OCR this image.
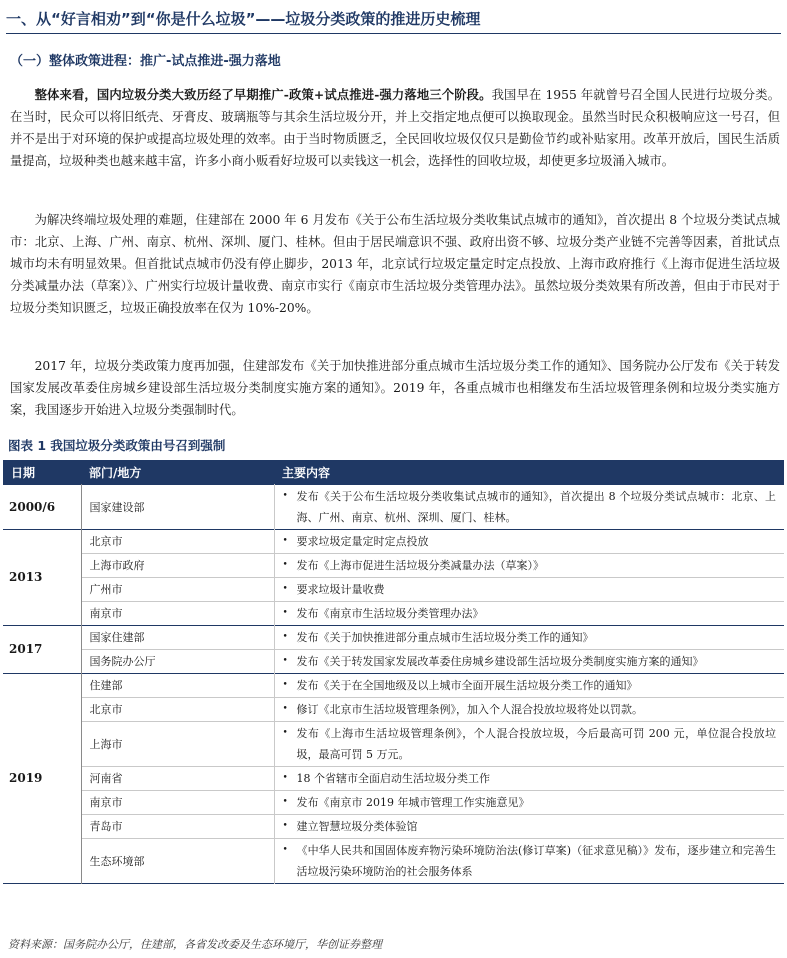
一、从“好言相劝”到“你是什么垃圾”——垃圾分类政策的推进历史梳理
（一）整体政策进程：推广-试点推进-强力落地

整体来看，国内垃圾分类大致历经了早期推广-政策+试点推进-强力落地三个阶段。我国早在 1955 年就曾号召全国人民进行垃圾分类。在当时，民众可以将旧纸壳、牙膏皮、玻璃瓶等与其余生活垃圾分开，并上交指定地点便可以换取现金。虽然当时民众积极响应这一号召，但并不是出于对环境的保护或提高垃圾处理的效率。由于当时物质匮乏，全民回收垃圾仅仅只是勤俭节约或补贴家用。改革开放后，国民生活质量提高，垃圾种类也越来越丰富，许多小商小贩看好垃圾可以卖钱这一机会，选择性的回收垃圾，却使更多垃圾涌入城市。

为解决终端垃圾处理的难题，住建部在 2000 年 6 月发布《关于公布生活垃圾分类收集试点城市的通知》，首次提出 8 个垃圾分类试点城市：北京、上海、广州、南京、杭州、深圳、厦门、桂林。但由于居民端意识不强、政府出资不够、垃圾分类产业链不完善等因素，首批试点城市均未有明显效果。但首批试点城市仍没有停止脚步，2013 年，北京试行垃圾定量定时定点投放、上海市政府推行《上海市促进生活垃圾分类减量办法（草案）》、广州实行垃圾计量收费、南京市实行《南京市生活垃圾分类管理办法》。虽然垃圾分类效果有所改善，但由于市民对于垃圾分类知识匮乏，垃圾正确投放率在仅为 10%-20%。

2017 年，垃圾分类政策力度再加强，住建部发布《关于加快推进部分重点城市生活垃圾分类工作的通知》、国务院办公厅发布《关于转发国家发展改革委住房城乡建设部生活垃圾分类制度实施方案的通知》。2019 年，各重点城市也相继发布生活垃圾管理条例和垃圾分类实施方案，我国逐步开始进入垃圾分类强制时代。

图表 1 我国垃圾分类政策由号召到强制
日期	部门/地方	主要内容
2000/6	国家建设部	• 发布《关于公布生活垃圾分类收集试点城市的通知》，首次提出 8 个垃圾分类试点城市：北京、上海、广州、南京、杭州、深圳、厦门、桂林。

2013	北京市	• 要求垃圾定量定时定点投放

	上海市政府	• 发布《上海市促进生活垃圾分类减量办法（草案）》

	广州市	• 要求垃圾计量收费

	南京市	• 发布《南京市生活垃圾分类管理办法》

2017	国家住建部	• 发布《关于加快推进部分重点城市生活垃圾分类工作的通知》

	国务院办公厅	• 发布《关于转发国家发展改革委住房城乡建设部生活垃圾分类制度实施方案的通知》

2019	住建部	• 发布《关于在全国地级及以上城市全面开展生活垃圾分类工作的通知》

	北京市	• 修订《北京市生活垃圾管理条例》，加入个人混合投放垃圾将处以罚款。

	上海市	• 发布《上海市生活垃圾管理条例》，个人混合投放垃圾，今后最高可罚 200 元，单位混合投放垃圾，最高可罚 5 万元。

	河南省	• 18 个省辖市全面启动生活垃圾分类工作

	南京市	• 发布《南京市 2019 年城市管理工作实施意见》

	青岛市	• 建立智慧垃圾分类体验馆

	生态环境部	• 《中华人民共和国固体废弃物污染环境防治法(修订草案)（征求意见稿）》发布，逐步建立和完善生活垃圾污染环境防治的社会服务体系
资料来源：国务院办公厅，住建部，各省发改委及生态环境厅，华创证券整理
